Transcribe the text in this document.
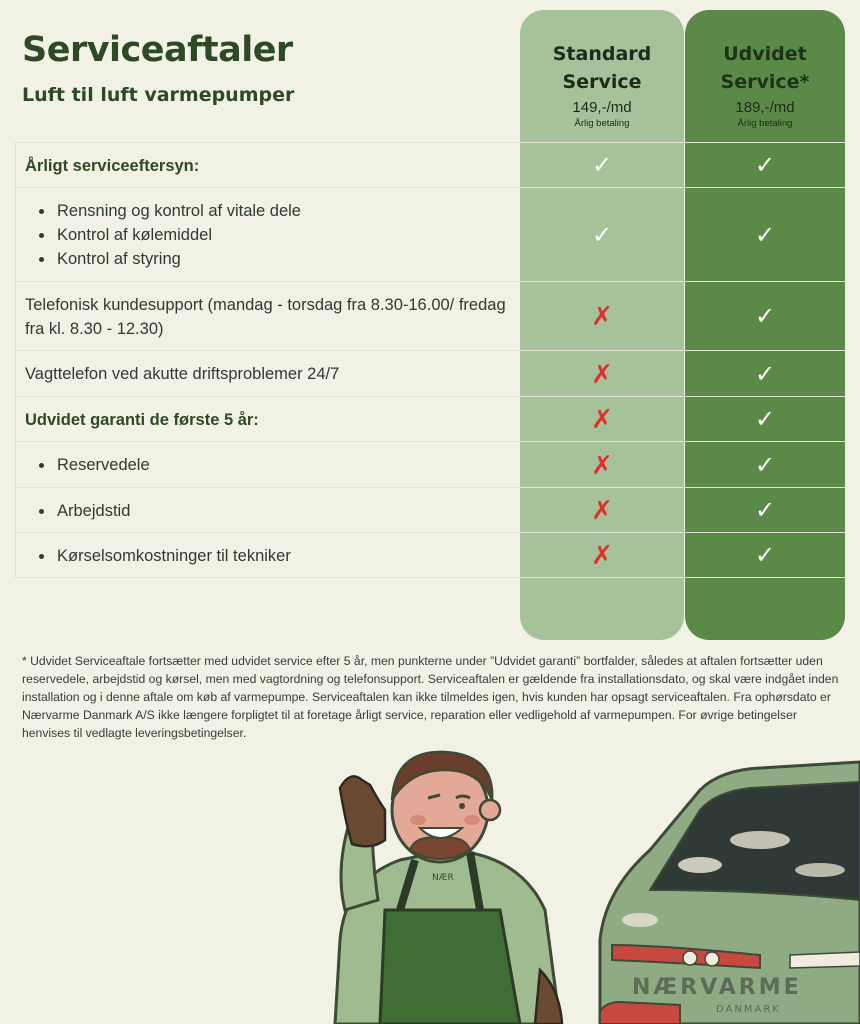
Serviceaftaler
Luft til luft varmepumper
Standard
Service
149,-/md
Årlig betaling
Udvidet
Service*
189,-/md
Årlig betaling
Årligt serviceeftersyn:	✓	✓
• Rensning og kontrol af vitale dele
• Kontrol af kølemiddel
• Kontrol af styring
✓	✓
Telefonisk kundesupport (mandag - torsdag fra 8.30-16.00/ fredag fra kl. 8.30 - 12.30)	✗	✓
Vagttelefon ved akutte driftsproblemer 24/7	✗	✓
Udvidet garanti de første 5 år:	✗	✓
• Reservedele	✗	✓
• Arbejdstid	✗	✓
• Kørselsomkostninger til tekniker	✗	✓

* Udvidet Serviceaftale fortsætter med udvidet service efter 5 år, men punkterne under ”Udvidet garanti” bortfalder, således at aftalen fortsætter uden reservedele, arbejdstid og kørsel, men med vagtordning og telefonsupport. Serviceaftalen er gældende fra installationsdato, og skal være indgået inden installation og i denne aftale om køb af varmepumpe. Serviceaftalen kan ikke tilmeldes igen, hvis kunden har opsagt serviceaftalen. Fra ophørsdato er Nærvarme Danmark A/S ikke længere forpligtet til at foretage årligt service, reparation eller vedligehold af varmepumpen. For øvrige betingelser henvises til vedlagte leveringsbetingelser.

NÆRVARME
DANMARK
NÆR
